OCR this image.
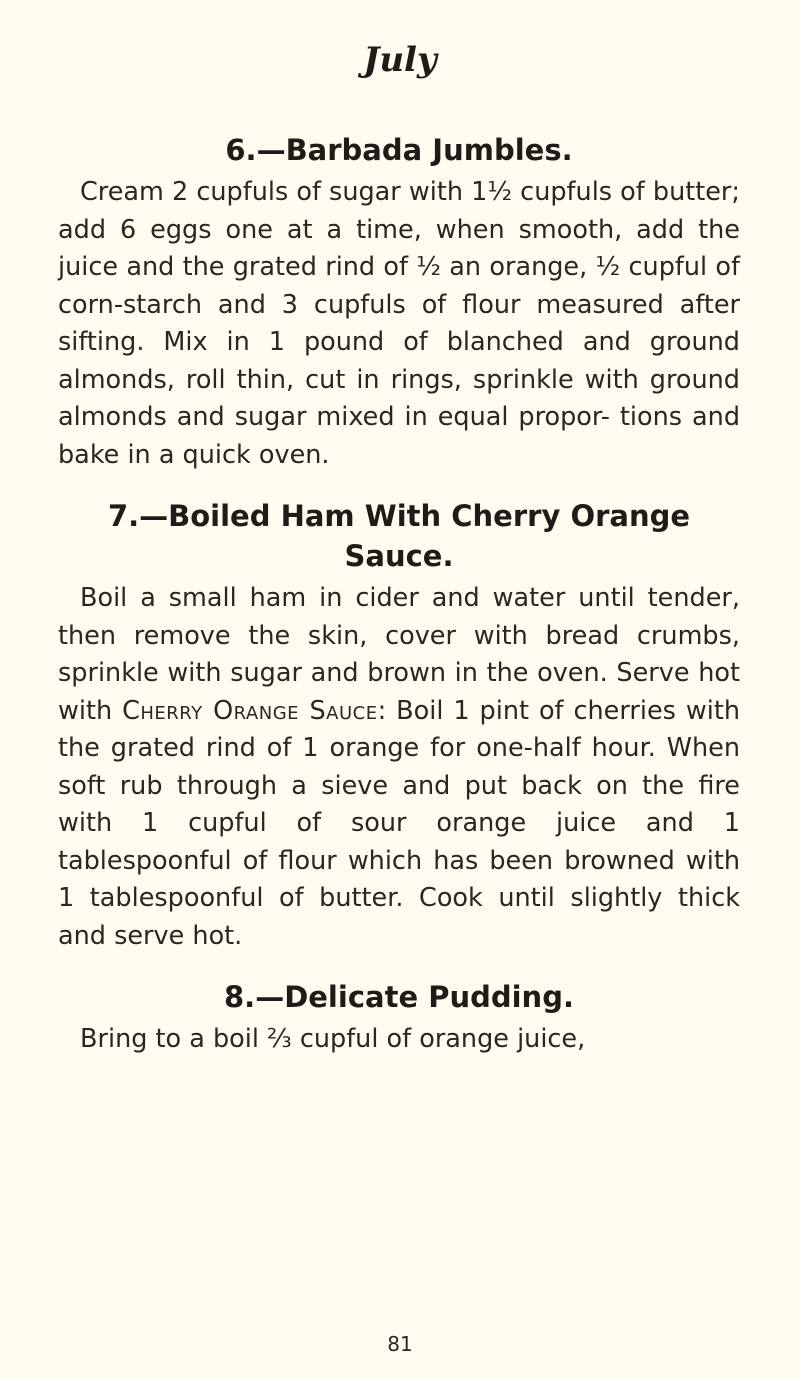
July
6.—Barbada Jumbles.

Cream 2 cupfuls of sugar with 1½ cupfuls of butter; add 6 eggs one at a time, when smooth, add the juice and the grated rind of ½ an orange, ½ cupful of corn-starch and 3 cupfuls of flour measured after sifting. Mix in 1 pound of blanched and ground almonds, roll thin, cut in rings, sprinkle with ground almonds and sugar mixed in equal propor- tions and bake in a quick oven.

7.—Boiled Ham With Cherry Orange Sauce.

Boil a small ham in cider and water until tender, then remove the skin, cover with bread crumbs, sprinkle with sugar and brown in the oven. Serve hot with Cherry Orange Sauce: Boil 1 pint of cherries with the grated rind of 1 orange for one-half hour. When soft rub through a sieve and put back on the fire with 1 cupful of sour orange juice and 1 tablespoonful of flour which has been browned with 1 tablespoonful of butter. Cook until slightly thick and serve hot.

8.—Delicate Pudding.

Bring to a boil ⅔ cupful of orange juice,

81
